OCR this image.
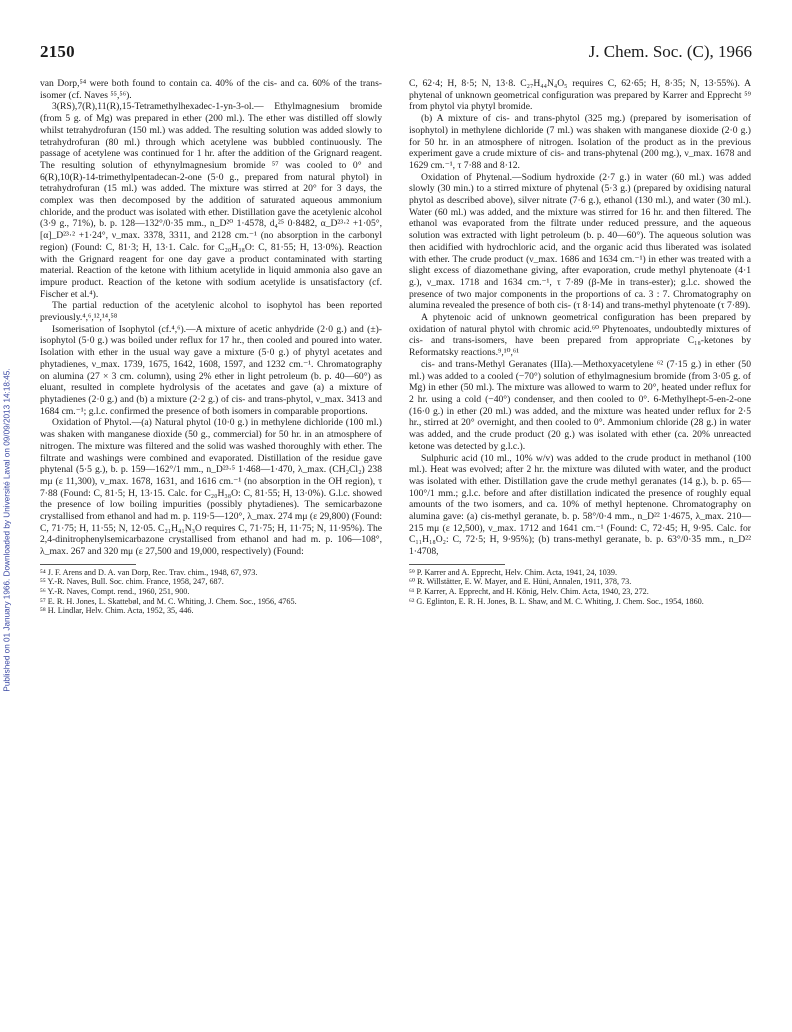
2150	J. Chem. Soc. (C), 1966
Published on 01 January 1966. Downloaded by Université Laval on 09/09/2013 14:18:45.

van Dorp,⁵⁴ were both found to contain ca. 40% of the cis- and ca. 60% of the trans-isomer (cf. Naves ⁵⁵,⁵⁶).

3(RS),7(R),11(R),15-Tetramethylhexadec-1-yn-3-ol.— Ethylmagnesium bromide (from 5 g. of Mg) was prepared in ether (200 ml.). The ether was distilled off slowly whilst tetrahydrofuran (150 ml.) was added. The resulting solution was added slowly to tetrahydrofuran (80 ml.) through which acetylene was bubbled continuously. The passage of acetylene was continued for 1 hr. after the addition of the Grignard reagent. The resulting solution of ethynylmagnesium bromide ⁵⁷ was cooled to 0° and 6(R),10(R)-14-trimethylpentadecan-2-one (5·0 g., prepared from natural phytol) in tetrahydrofuran (15 ml.) was added. The mixture was stirred at 20° for 3 days, the complex was then decomposed by the addition of saturated aqueous ammonium chloride, and the product was isolated with ether. Distillation gave the acetylenic alcohol (3·9 g., 71%), b. p. 128—132°/0·35 mm., n_D²⁰ 1·4578, d₄²⁵ 0·8482, α_D²³·² +1·05°, [α]_D²³·² +1·24°, ν_max. 3378, 3311, and 2128 cm.⁻¹ (no absorption in the carbonyl region) (Found: C, 81·3; H, 13·1. Calc. for C₂₀H₃₈O: C, 81·55; H, 13·0%). Reaction with the Grignard reagent for one day gave a product contaminated with starting material. Reaction of the ketone with lithium acetylide in liquid ammonia also gave an impure product. Reaction of the ketone with sodium acetylide is unsatisfactory (cf. Fischer et al.⁴).

The partial reduction of the acetylenic alcohol to isophytol has been reported previously.⁴,⁶,¹²,¹⁴,⁵⁸

Isomerisation of Isophytol (cf.⁴,⁶).—A mixture of acetic anhydride (2·0 g.) and (±)-isophytol (5·0 g.) was boiled under reflux for 17 hr., then cooled and poured into water. Isolation with ether in the usual way gave a mixture (5·0 g.) of phytyl acetates and phytadienes, ν_max. 1739, 1675, 1642, 1608, 1597, and 1232 cm.⁻¹. Chromatography on alumina (27 × 3 cm. column), using 2% ether in light petroleum (b. p. 40—60°) as eluant, resulted in complete hydrolysis of the acetates and gave (a) a mixture of phytadienes (2·0 g.) and (b) a mixture (2·2 g.) of cis- and trans-phytol, ν_max. 3413 and 1684 cm.⁻¹; g.l.c. confirmed the presence of both isomers in comparable proportions.

Oxidation of Phytol.—(a) Natural phytol (10·0 g.) in methylene dichloride (100 ml.) was shaken with manganese dioxide (50 g., commercial) for 50 hr. in an atmosphere of nitrogen. The mixture was filtered and the solid was washed thoroughly with ether. The filtrate and washings were combined and evaporated. Distillation of the residue gave phytenal (5·5 g.), b. p. 159—162°/1 mm., n_D²³·⁵ 1·468—1·470, λ_max. (CH₂Cl₂) 238 mμ (ε 11,300), ν_max. 1678, 1631, and 1616 cm.⁻¹ (no absorption in the OH region), τ 7·88 (Found: C, 81·5; H, 13·15. Calc. for C₂₀H₃₈O: C, 81·55; H, 13·0%). G.l.c. showed the presence of low boiling impurities (possibly phytadienes). The semicarbazone crystallised from ethanol and had m. p. 119·5—120°, λ_max. 274 mμ (ε 29,800) (Found: C, 71·75; H, 11·55; N, 12·05. C₂₁H₄₁N₃O requires C, 71·75; H, 11·75; N, 11·95%). The 2,4-dinitrophenylsemicarbazone crystallised from ethanol and had m. p. 106—108°, λ_max. 267 and 320 mμ (ε 27,500 and 19,000, respectively) (Found:

⁵⁴ J. F. Arens and D. A. van Dorp, Rec. Trav. chim., 1948, 67, 973.
⁵⁵ Y.-R. Naves, Bull. Soc. chim. France, 1958, 247, 687.
⁵⁶ Y.-R. Naves, Compt. rend., 1960, 251, 900.
⁵⁷ E. R. H. Jones, L. Skattebøl, and M. C. Whiting, J. Chem. Soc., 1956, 4765.
⁵⁸ H. Lindlar, Helv. Chim. Acta, 1952, 35, 446.

C, 62·4; H, 8·5; N, 13·8. C₂₇H₄₄N₄O₅ requires C, 62·65; H, 8·35; N, 13·55%). A phytenal of unknown geometrical configuration was prepared by Karrer and Epprecht ⁵⁹ from phytol via phytyl bromide.

(b) A mixture of cis- and trans-phytol (325 mg.) (prepared by isomerisation of isophytol) in methylene dichloride (7 ml.) was shaken with manganese dioxide (2·0 g.) for 50 hr. in an atmosphere of nitrogen. Isolation of the product as in the previous experiment gave a crude mixture of cis- and trans-phytenal (200 mg.), ν_max. 1678 and 1629 cm.⁻¹, τ 7·88 and 8·12.

Oxidation of Phytenal.—Sodium hydroxide (2·7 g.) in water (60 ml.) was added slowly (30 min.) to a stirred mixture of phytenal (5·3 g.) (prepared by oxidising natural phytol as described above), silver nitrate (7·6 g.), ethanol (130 ml.), and water (30 ml.). Water (60 ml.) was added, and the mixture was stirred for 16 hr. and then filtered. The ethanol was evaporated from the filtrate under reduced pressure, and the aqueous solution was extracted with light petroleum (b. p. 40—60°). The aqueous solution was then acidified with hydrochloric acid, and the organic acid thus liberated was isolated with ether. The crude product (ν_max. 1686 and 1634 cm.⁻¹) in ether was treated with a slight excess of diazomethane giving, after evaporation, crude methyl phytenoate (4·1 g.), ν_max. 1718 and 1634 cm.⁻¹, τ 7·89 (β-Me in trans-ester); g.l.c. showed the presence of two major components in the proportions of ca. 3 : 7. Chromatography on alumina revealed the presence of both cis- (τ 8·14) and trans-methyl phytenoate (τ 7·89).

A phytenoic acid of unknown geometrical configuration has been prepared by oxidation of natural phytol with chromic acid.⁶⁰ Phytenoates, undoubtedly mixtures of cis- and trans-isomers, have been prepared from appropriate C₁₈-ketones by Reformatsky reactions.⁹,¹⁰,⁶¹

cis- and trans-Methyl Geranates (IIIa).—Methoxyacetylene ⁶² (7·15 g.) in ether (50 ml.) was added to a cooled (−70°) solution of ethylmagnesium bromide (from 3·05 g. of Mg) in ether (50 ml.). The mixture was allowed to warm to 20°, heated under reflux for 2 hr. using a cold (−40°) condenser, and then cooled to 0°. 6-Methylhept-5-en-2-one (16·0 g.) in ether (20 ml.) was added, and the mixture was heated under reflux for 2·5 hr., stirred at 20° overnight, and then cooled to 0°. Ammonium chloride (28 g.) in water was added, and the crude product (20 g.) was isolated with ether (ca. 20% unreacted ketone was detected by g.l.c.).

Sulphuric acid (10 ml., 10% w/v) was added to the crude product in methanol (100 ml.). Heat was evolved; after 2 hr. the mixture was diluted with water, and the product was isolated with ether. Distillation gave the crude methyl geranates (14 g.), b. p. 65—100°/1 mm.; g.l.c. before and after distillation indicated the presence of roughly equal amounts of the two isomers, and ca. 10% of methyl heptenone. Chromatography on alumina gave: (a) cis-methyl geranate, b. p. 58°/0·4 mm., n_D²² 1·4675, λ_max. 210—215 mμ (ε 12,500), ν_max. 1712 and 1641 cm.⁻¹ (Found: C, 72·45; H, 9·95. Calc. for C₁₁H₁₈O₂: C, 72·5; H, 9·95%); (b) trans-methyl geranate, b. p. 63°/0·35 mm., n_D²² 1·4708,

⁵⁹ P. Karrer and A. Epprecht, Helv. Chim. Acta, 1941, 24, 1039.
⁶⁰ R. Willstätter, E. W. Mayer, and E. Hüni, Annalen, 1911, 378, 73.
⁶¹ P. Karrer, A. Epprecht, and H. König, Helv. Chim. Acta, 1940, 23, 272.
⁶² G. Eglinton, E. R. H. Jones, B. L. Shaw, and M. C. Whiting, J. Chem. Soc., 1954, 1860.
